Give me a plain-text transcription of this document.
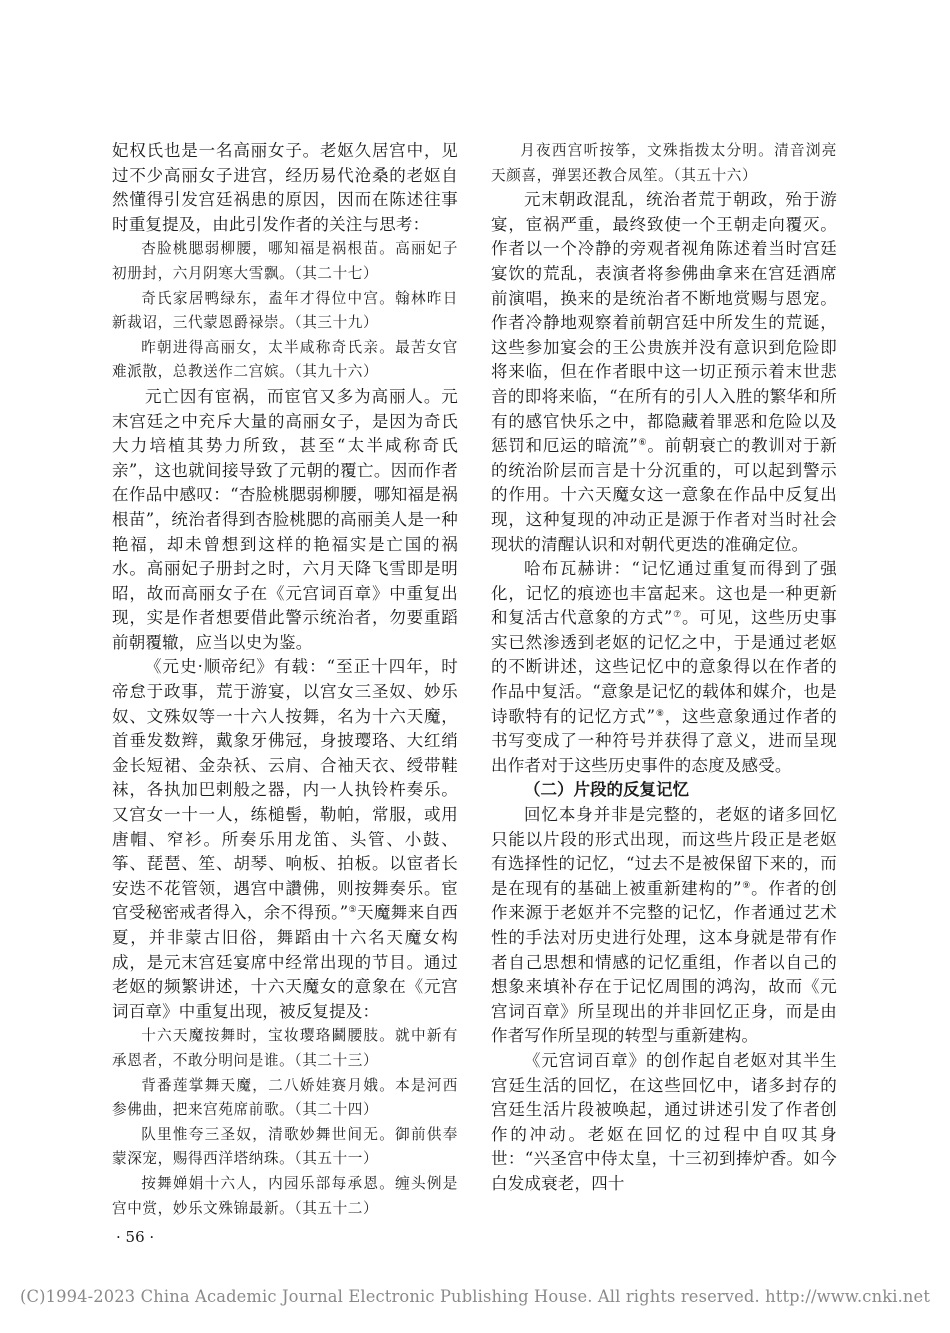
妃权氏也是一名高丽女子。老妪久居宫中，见过不少高丽女子进宫，经历易代沧桑的老妪自然懂得引发宫廷祸患的原因，因而在陈述往事时重复提及，由此引发作者的关注与思考：

杏脸桃腮弱柳腰，哪知福是祸根苗。高丽妃子初册封，六月阴寒大雪飘。（其二十七）

奇氏家居鸭绿东，盍年才得位中宫。翰林昨日新裁诏，三代蒙恩爵禄崇。（其三十九）

昨朝进得高丽女，太半咸称奇氏亲。最苦女官难派散，总教送作二宫嫔。（其九十六）

元亡因有宦祸，而宦官又多为高丽人。元末宫廷之中充斥大量的高丽女子，是因为奇氏大力培植其势力所致，甚至“太半咸称奇氏亲”，这也就间接导致了元朝的覆亡。因而作者在作品中感叹：“杏脸桃腮弱柳腰，哪知福是祸根苗”，统治者得到杏脸桃腮的高丽美人是一种艳福，却未曾想到这样的艳福实是亡国的祸水。高丽妃子册封之时，六月天降飞雪即是明昭，故而高丽女子在《元宫词百章》中重复出现，实是作者想要借此警示统治者，勿要重蹈前朝覆辙，应当以史为鉴。

《元史·顺帝纪》有载：“至正十四年，时帝怠于政事，荒于游宴，以宫女三圣奴、妙乐奴、文殊奴等一十六人按舞，名为十六天魔，首垂发数辫，戴象牙佛冠，身披璎珞、大红绡金长短裙、金杂袄、云肩、合袖天衣、绶带鞋袜，各执加巴剌般之器，内一人执铃杵奏乐。又宫女一十一人，练槌髻，勒帕，常服，或用唐帽、窄衫。所奏乐用龙笛、头管、小鼓、筝、琵琶、笙、胡琴、响板、拍板。以宦者长安迭不花管领，遇宫中讚佛，则按舞奏乐。宦官受秘密戒者得入，余不得预。”⑤天魔舞来自西夏，并非蒙古旧俗，舞蹈由十六名天魔女构成，是元末宫廷宴席中经常出现的节目。通过老妪的频繁讲述，十六天魔女的意象在《元宫词百章》中重复出现，被反复提及：

十六天魔按舞时，宝妆璎珞鬬腰肢。就中新有承恩者，不敢分明问是谁。（其二十三）

背番莲掌舞天魔，二八娇娃赛月娥。本是河西参佛曲，把来宫苑席前歌。（其二十四）

队里惟夸三圣奴，清歌妙舞世间无。御前供奉蒙深宠，赐得西洋塔纳珠。（其五十一）

按舞婵娟十六人，内园乐部每承恩。缠头例是宫中赏，妙乐文殊锦最新。（其五十二）

月夜西宫听按筝，文殊指拨太分明。清音浏亮天颜喜，弹罢还教合凤笙。（其五十六）

元末朝政混乱，统治者荒于朝政，殆于游宴，宦祸严重，最终致使一个王朝走向覆灭。作者以一个冷静的旁观者视角陈述着当时宫廷宴饮的荒乱，表演者将参佛曲拿来在宫廷酒席前演唱，换来的是统治者不断地赏赐与恩宠。作者冷静地观察着前朝宫廷中所发生的荒诞，这些参加宴会的王公贵族并没有意识到危险即将来临，但在作者眼中这一切正预示着末世悲音的即将来临，“在所有的引人入胜的繁华和所有的感官快乐之中，都隐藏着罪恶和危险以及惩罚和厄运的暗流”⑥。前朝衰亡的教训对于新的统治阶层而言是十分沉重的，可以起到警示的作用。十六天魔女这一意象在作品中反复出现，这种复现的冲动正是源于作者对当时社会现状的清醒认识和对朝代更迭的准确定位。

哈布瓦赫讲：“记忆通过重复而得到了强化，记忆的痕迹也丰富起来。这也是一种更新和复活古代意象的方式”⑦。可见，这些历史事实已然渗透到老妪的记忆之中，于是通过老妪的不断讲述，这些记忆中的意象得以在作者的作品中复活。“意象是记忆的载体和媒介，也是诗歌特有的记忆方式”⑧，这些意象通过作者的书写变成了一种符号并获得了意义，进而呈现出作者对于这些历史事件的态度及感受。

（二）片段的反复记忆

回忆本身并非是完整的，老妪的诸多回忆只能以片段的形式出现，而这些片段正是老妪有选择性的记忆，“过去不是被保留下来的，而是在现有的基础上被重新建构的”⑨。作者的创作来源于老妪并不完整的记忆，作者通过艺术性的手法对历史进行处理，这本身就是带有作者自己思想和情感的记忆重组，作者以自己的想象来填补存在于记忆周围的鸿沟，故而《元宫词百章》所呈现出的并非回忆正身，而是由作者写作所呈现的转型与重新建构。

《元宫词百章》的创作起自老妪对其半生宫廷生活的回忆，在这些回忆中，诸多封存的宫廷生活片段被唤起，通过讲述引发了作者创作的冲动。老妪在回忆的过程中自叹其身世：“兴圣宫中侍太皇，十三初到捧炉香。如今白发成衰老，四十

· 56 ·
(C)1994-2023 China Academic Journal Electronic Publishing House. All rights reserved. http://www.cnki.net
